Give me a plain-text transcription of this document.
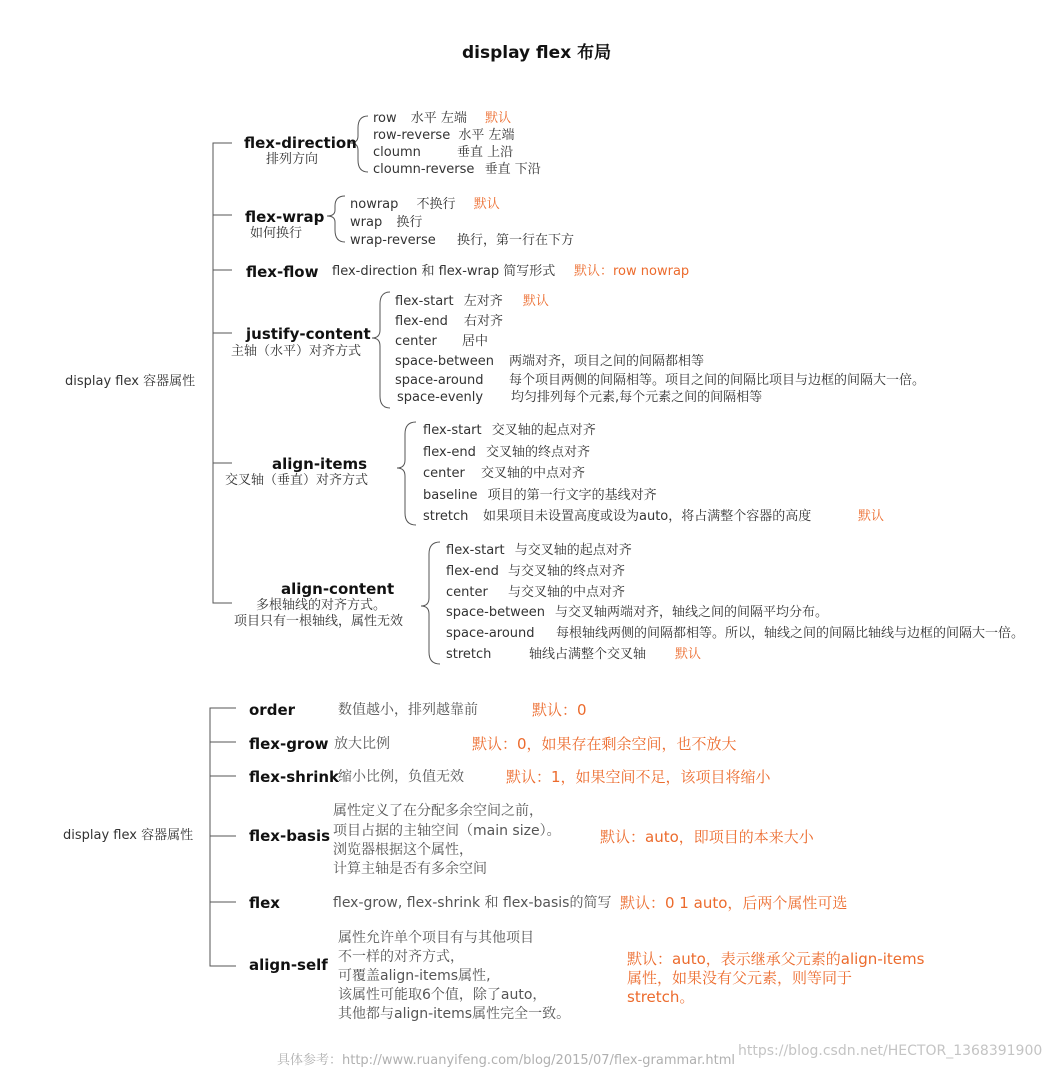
display flex 布局
display flex 容器属性
flex-direction
排列方向
row 水平 左端 默认
row-reverse 水平 左端
cloumn	垂直 上沿
cloumn-reverse 垂直 下沿
flex-wrap
如何换行
nowrap 不换行 默认
wrap 换行
wrap-reverse 换行，第一行在下方
flex-flow flex-direction 和 flex-wrap 简写形式 默认：row nowrap
justify-content
主轴（水平）对齐方式
flex-start 左对齐 默认
flex-end 右对齐
center 居中
space-between 两端对齐，项目之间的间隔都相等
space-around 每个项目两侧的间隔相等。项目之间的间隔比项目与边框的间隔大一倍。
space-evenly 均匀排列每个元素,每个元素之间的间隔相等
align-items
交叉轴（垂直）对齐方式
flex-start 交叉轴的起点对齐
flex-end 交叉轴的终点对齐
center 交叉轴的中点对齐
baseline 项目的第一行文字的基线对齐
stretch 如果项目未设置高度或设为auto，将占满整个容器的高度	默认
align-content
多根轴线的对齐方式。
项目只有一根轴线，属性无效
flex-start 与交叉轴的起点对齐
flex-end 与交叉轴的终点对齐
center 与交叉轴的中点对齐
space-between 与交叉轴两端对齐，轴线之间的间隔平均分布。
space-around 每根轴线两侧的间隔都相等。所以，轴线之间的间隔比轴线与边框的间隔大一倍。
stretch	轴线占满整个交叉轴 默认
display flex 容器属性
order	数值越小，排列越靠前	默认：0
flex-grow 放大比例	默认：0，如果存在剩余空间，也不放大
flex-shrink 缩小比例，负值无效	默认：1，如果空间不足，该项目将缩小
flex-basis
属性定义了在分配多余空间之前，
项目占据的主轴空间（main size）。
浏览器根据这个属性，
计算主轴是否有多余空间
默认：auto，即项目的本来大小
flex	flex-grow, flex-shrink 和 flex-basis的简写 默认：0 1 auto，后两个属性可选
align-self
属性允许单个项目有与其他项目
不一样的对齐方式，
可覆盖align-items属性,
该属性可能取6个值，除了auto，
其他都与align-items属性完全一致。
默认：auto，表示继承父元素的align-items
属性，如果没有父元素，则等同于
stretch。
具体参考：http://www.ruanyifeng.com/blog/2015/07/flex-grammar.html
https://blog.csdn.net/HECTOR_1368391900
